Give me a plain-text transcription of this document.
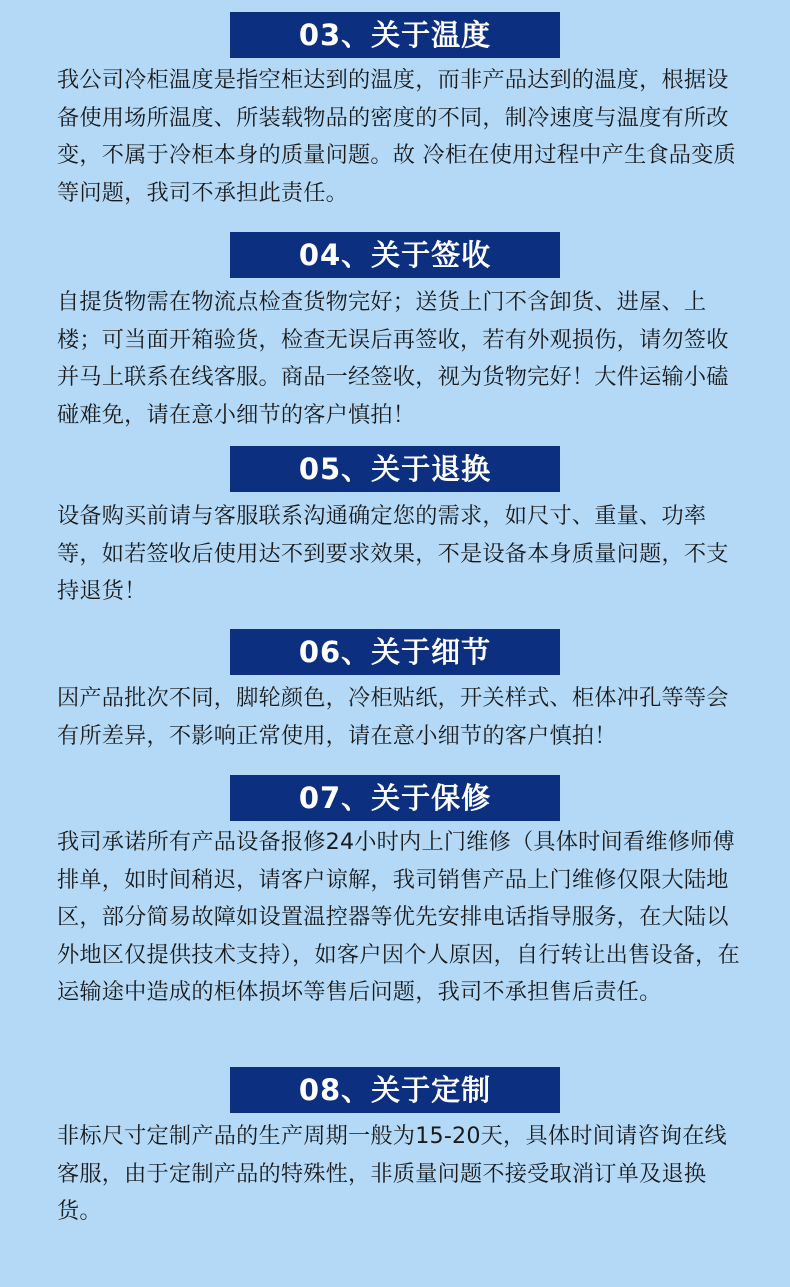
03、关于温度

我公司冷柜温度是指空柜达到的温度，而非产品达到的温度，根据设备使用场所温度、所装载物品的密度的不同，制冷速度与温度有所改变，不属于冷柜本身的质量问题。故 冷柜在使用过程中产生食品变质等问题，我司不承担此责任。

04、关于签收

自提货物需在物流点检查货物完好；送货上门不含卸货、进屋、上楼；可当面开箱验货，检查无误后再签收，若有外观损伤，请勿签收并马上联系在线客服。商品一经签收，视为货物完好！大件运输小磕碰难免，请在意小细节的客户慎拍！

05、关于退换

设备购买前请与客服联系沟通确定您的需求，如尺寸、重量、功率等，如若签收后使用达不到要求效果，不是设备本身质量问题，不支持退货！

06、关于细节

因产品批次不同，脚轮颜色，冷柜贴纸，开关样式、柜体冲孔等等会有所差异，不影响正常使用，请在意小细节的客户慎拍！

07、关于保修

我司承诺所有产品设备报修24小时内上门维修（具体时间看维修师傅排单，如时间稍迟，请客户谅解，我司销售产品上门维修仅限大陆地区，部分简易故障如设置温控器等优先安排电话指导服务，在大陆以外地区仅提供技术支持），如客户因个人原因，自行转让出售设备，在运输途中造成的柜体损坏等售后问题，我司不承担售后责任。

08、关于定制

非标尺寸定制产品的生产周期一般为15-20天，具体时间请咨询在线客服，由于定制产品的特殊性，非质量问题不接受取消订单及退换货。
